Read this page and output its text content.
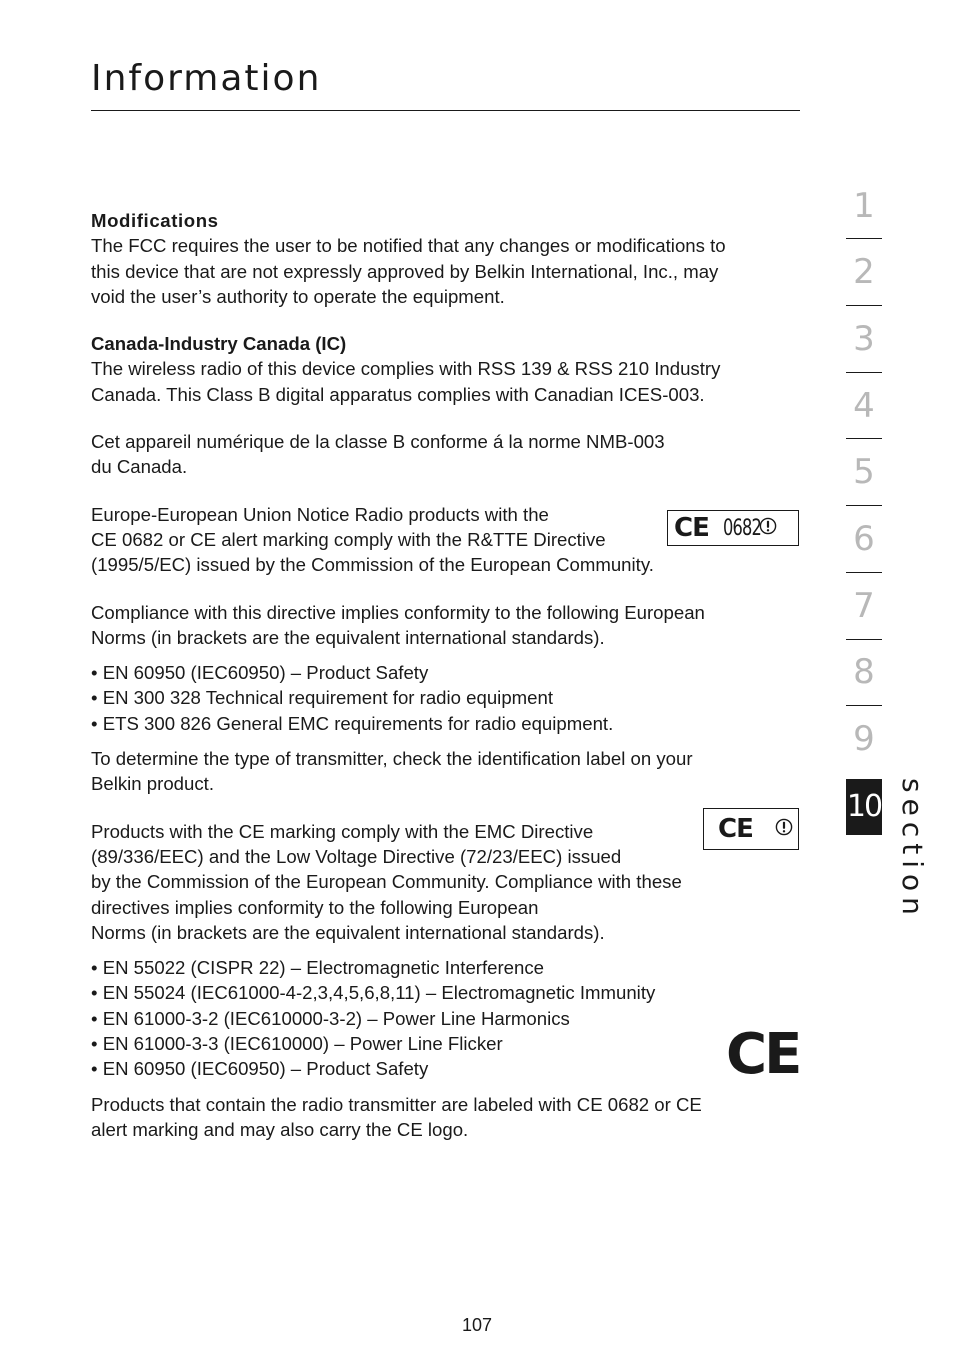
Information
Modifications

The FCC requires the user to be notified that any changes or modifications to

this device that are not expressly approved by Belkin International, Inc., may

void the user’s authority to operate the equipment.

Canada-Industry Canada (IC)

The wireless radio of this device complies with RSS 139 & RSS 210 Industry

Canada. This Class B digital apparatus complies with Canadian ICES-003.

Cet appareil numérique de la classe B conforme á la norme NMB-003

du Canada.

Europe-European Union Notice Radio products with the

CE 0682 or CE alert marking comply with the R&TTE Directive

(1995/5/EC) issued by the Commission of the European Community.

Compliance with this directive implies conformity to the following European

Norms (in brackets are the equivalent international standards).

• EN 60950 (IEC60950) – Product Safety
• EN 300 328 Technical requirement for radio equipment
• ETS 300 826 General EMC requirements for radio equipment.

To determine the type of transmitter, check the identification label on your

Belkin product.

Products with the CE marking comply with the EMC Directive

(89/336/EEC) and the Low Voltage Directive (72/23/EEC) issued

by the Commission of the European Community. Compliance with these

directives implies conformity to the following European

Norms (in brackets are the equivalent international standards).

• EN 55022 (CISPR 22) – Electromagnetic Interference
• EN 55024 (IEC61000-4-2,3,4,5,6,8,11) – Electromagnetic Immunity
• EN 61000-3-2 (IEC610000-3-2) – Power Line Harmonics
• EN 61000-3-3 (IEC610000) – Power Line Flicker
• EN 60950 (IEC60950) – Product Safety

Products that contain the radio transmitter are labeled with CE 0682 or CE

alert marking and may also carry the CE logo.

CE 0682
CE
CE
1
2
3
4
5
6
7
8
9
10 section
107
